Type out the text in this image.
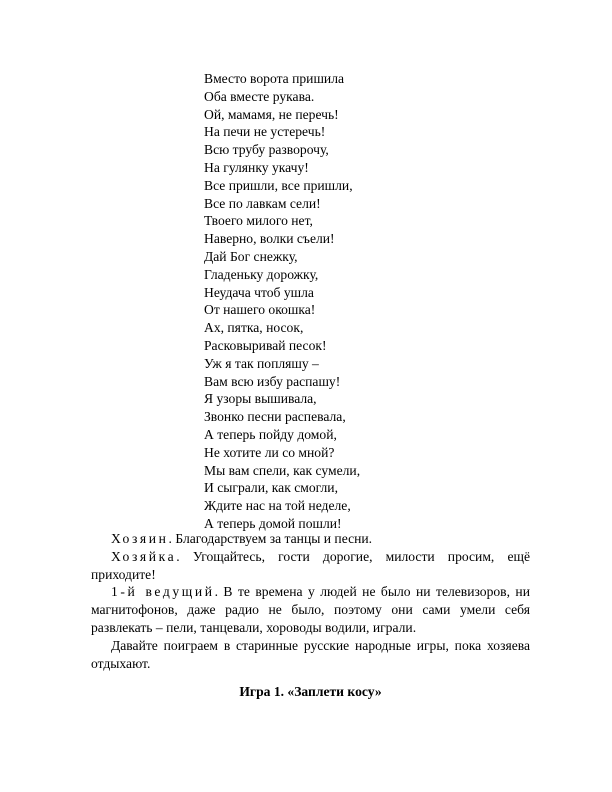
Вместо ворота пришила
Оба вместе рукава.
Ой, мамамя, не перечь!
На печи не устеречь!
Всю трубу разворочу,
На гулянку укачу!
Все пришли, все пришли,
Все по лавкам сели!
Твоего милого нет,
Наверно, волки съели!
Дай Бог снежку,
Гладеньку дорожку,
Неудача чтоб ушла
От нашего окошка!
Ах, пятка, носок,
Расковыривай песок!
Уж я так попляшу –
Вам всю избу распашу!
Я узоры вышивала,
Звонко песни распевала,
А теперь пойду домой,
Не хотите ли со мной?
Мы вам спели, как сумели,
И сыграли, как смогли,
Ждите нас на той неделе,
А теперь домой пошли!

Хозяин. Благодарствуем за танцы и песни.

Хозяйка. Угощайтесь, гости дорогие, милости просим, ещё приходите!

1-й ведущий. В те времена у людей не было ни телевизоров, ни магнитофонов, даже радио не было, поэтому они сами умели себя развлекать – пели, танцевали, хороводы водили, играли.

Давайте поиграем в старинные русские народные игры, пока хозяева отдыхают.

Игра 1. «Заплети косу»
